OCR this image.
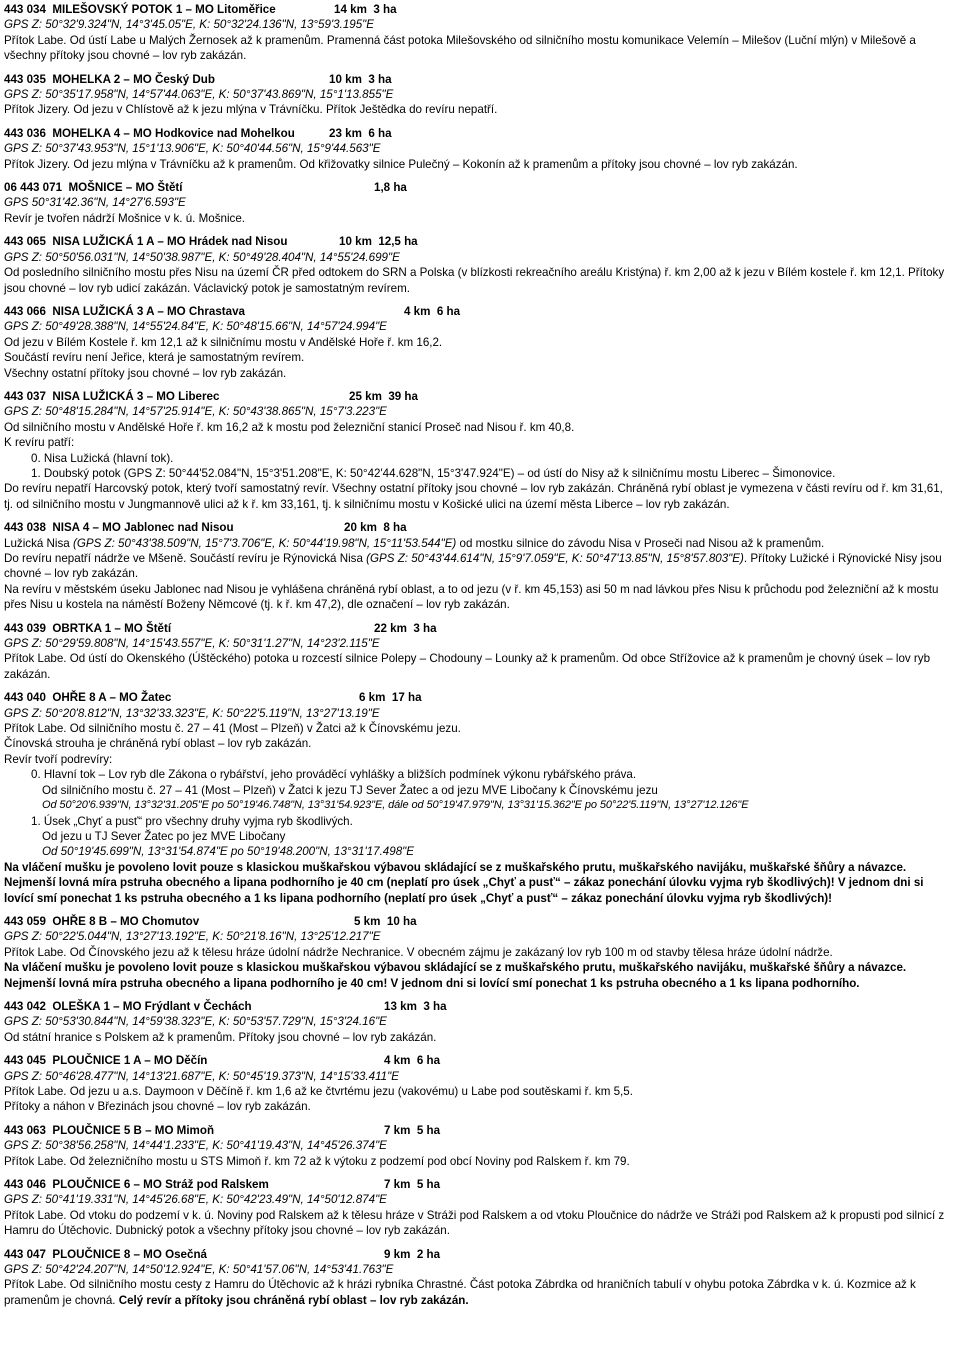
443 034  MILEŠOVSKÝ POTOK 1 – MO Litoměřice	14 km  3 ha

GPS Z: 50°32'9.324"N, 14°3'45.05"E, K: 50°32'24.136"N, 13°59'3.195"E

Přítok Labe. Od ústí Labe u Malých Žernosek až k pramenům. Pramenná část potoka Milešovského od silničního mostu komunikace Velemín – Milešov (Luční mlýn) v Milešově a všechny přítoky jsou chovné – lov ryb zakázán.

443 035  MOHELKA 2 – MO Český Dub	10 km  3 ha

GPS Z: 50°35'17.958"N, 14°57'44.063"E, K: 50°37'43.869"N, 15°1'13.855"E

Přítok Jizery. Od jezu v Chlístově až k jezu mlýna v Trávníčku. Přítok Ještědka do revíru nepatří.

443 036  MOHELKA 4 – MO Hodkovice nad Mohelkou	23 km  6 ha

GPS Z: 50°37'43.953"N, 15°1'13.906"E, K: 50°40'44.56"N, 15°9'44.563"E

Přítok Jizery. Od jezu mlýna v Trávníčku až k pramenům. Od křižovatky silnice Pulečný – Kokonín až k pramenům a přítoky jsou chovné – lov ryb zakázán.

06 443 071  MOŠNICE – MO Štětí	1,8 ha

GPS 50°31'42.36"N, 14°27'6.593"E

Revír je tvořen nádrží Mošnice v k. ú. Mošnice.

443 065  NISA LUŽICKÁ 1 A – MO Hrádek nad Nisou	10 km  12,5 ha

GPS Z: 50°50'56.031"N, 14°50'38.987"E, K: 50°49'28.404"N, 14°55'24.699"E

Od posledního silničního mostu přes Nisu na území ČR před odtokem do SRN a Polska (v blízkosti rekreačního areálu Kristýna) ř. km 2,00 až k jezu v Bílém kostele ř. km 12,1. Přítoky jsou chovné – lov ryb udicí zakázán. Václavický potok je samostatným revírem.

443 066  NISA LUŽICKÁ 3 A – MO Chrastava	4 km  6 ha

GPS Z: 50°49'28.388"N, 14°55'24.84"E, K: 50°48'15.66"N, 14°57'24.994"E

Od jezu v Bílém Kostele ř. km 12,1 až k silničnímu mostu v Andělské Hoře ř. km 16,2.

Součástí revíru není Jeřice, která je samostatným revírem.

Všechny ostatní přítoky jsou chovné – lov ryb zakázán.

443 037  NISA LUŽICKÁ 3 – MO Liberec	25 km  39 ha

GPS Z: 50°48'15.284"N, 14°57'25.914"E, K: 50°43'38.865"N, 15°7'3.223"E

Od silničního mostu v Andělské Hoře ř. km 16,2 až k mostu pod železniční stanicí Proseč nad Nisou ř. km 40,8.

K revíru patří:

0. Nisa Lužická (hlavní tok).

1. Doubský potok (GPS Z: 50°44'52.084"N, 15°3'51.208"E, K: 50°42'44.628"N, 15°3'47.924"E) – od ústí do Nisy až k silničnímu mostu Liberec – Šimonovice.

Do revíru nepatří Harcovský potok, který tvoří samostatný revír. Všechny ostatní přítoky jsou chovné – lov ryb zakázán. Chráněná rybí oblast je vymezena v části revíru od ř. km 31,61, tj. od silničního mostu v Jungmannově ulici až k ř. km 33,161, tj. k silničnímu mostu v Košické ulici na území města Liberce – lov ryb zakázán.

443 038  NISA 4 – MO Jablonec nad Nisou	20 km  8 ha

Lužická Nisa (GPS Z: 50°43'38.509"N, 15°7'3.706"E, K: 50°44'19.98"N, 15°11'53.544"E) od mostku silnice do závodu Nisa v Proseči nad Nisou až k pramenům.

Do revíru nepatří nádrže ve Mšeně. Součástí revíru je Rýnovická Nisa (GPS Z: 50°43'44.614"N, 15°9'7.059"E, K: 50°47'13.85"N, 15°8'57.803"E). Přítoky Lužické i Rýnovické Nisy jsou chovné – lov ryb zakázán.

Na revíru v městském úseku Jablonec nad Nisou je vyhlášena chráněná rybí oblast, a to od jezu (v ř. km 45,153) asi 50 m nad lávkou přes Nisu k průchodu pod železniční až k mostu přes Nisu u kostela na náměstí Boženy Němcové (tj. k ř. km 47,2), dle označení – lov ryb zakázán.

443 039  OBRTKA 1 – MO Štětí	22 km  3 ha

GPS Z: 50°29'59.808"N, 14°15'43.557"E, K: 50°31'1.27"N, 14°23'2.115"E

Přítok Labe. Od ústí do Okenského (Úštěckého) potoka u rozcestí silnice Polepy – Chodouny – Lounky až k pramenům. Od obce Střížovice až k pramenům je chovný úsek – lov ryb zakázán.

443 040  OHŘE 8 A – MO Žatec	6 km  17 ha

GPS Z: 50°20'8.812"N, 13°32'33.323"E, K: 50°22'5.119"N, 13°27'13.19"E

Přítok Labe. Od silničního mostu č. 27 – 41 (Most – Plzeň) v Žatci až k Čínovskému jezu.

Čínovská strouha je chráněná rybí oblast – lov ryb zakázán.

Revír tvoří podrevíry:

0. Hlavní tok – Lov ryb dle Zákona o rybářství, jeho prováděcí vyhlášky a bližších podmínek výkonu rybářského práva.

Od silničního mostu č. 27 – 41 (Most – Plzeň) v Žatci k jezu TJ Sever Žatec a od jezu MVE Libočany k Čínovskému jezu

Od 50°20'6.939"N, 13°32'31.205"E po 50°19'46.748"N, 13°31'54.923"E, dále od 50°19'47.979"N, 13°31'15.362"E po 50°22'5.119"N, 13°27'12.126"E

1. Úsek „Chyť a pusť“ pro všechny druhy vyjma ryb škodlivých.

Od jezu u TJ Sever Žatec po jez MVE Libočany

Od 50°19'45.699"N, 13°31'54.874"E po 50°19'48.200"N, 13°31'17.498"E

Na vláčení mušku je povoleno lovit pouze s klasickou muškařskou výbavou skládající se z muškařského prutu, muškařského navijáku, muškařské šňůry a návazce. Nejmenší lovná míra pstruha obecného a lipana podhorního je 40 cm (neplatí pro úsek „Chyť a pusť“ – zákaz ponechání úlovku vyjma ryb škodlivých)! V jednom dni si lovící smí ponechat 1 ks pstruha obecného a 1 ks lipana podhorního (neplatí pro úsek „Chyť a pusť“ – zákaz ponechání úlovku vyjma ryb škodlivých)!

443 059  OHŘE 8 B – MO Chomutov	5 km  10 ha

GPS Z: 50°22'5.044"N, 13°27'13.192"E, K: 50°21'8.16"N, 13°25'12.217"E

Přítok Labe. Od Čínovského jezu až k tělesu hráze údolní nádrže Nechranice. V obecném zájmu je zakázaný lov ryb 100 m od stavby tělesa hráze údolní nádrže.

Na vláčení mušku je povoleno lovit pouze s klasickou muškařskou výbavou skládající se z muškařského prutu, muškařského navijáku, muškařské šňůry a návazce. Nejmenší lovná míra pstruha obecného a lipana podhorního je 40 cm! V jednom dni si lovící smí ponechat 1 ks pstruha obecného a 1 ks lipana podhorního.

443 042  OLEŠKA 1 – MO Frýdlant v Čechách	13 km  3 ha

GPS Z: 50°53'30.844"N, 14°59'38.323"E, K: 50°53'57.729"N, 15°3'24.16"E

Od státní hranice s Polskem až k pramenům. Přítoky jsou chovné – lov ryb zakázán.

443 045  PLOUČNICE 1 A – MO Děčín	4 km  6 ha

GPS Z: 50°46'28.477"N, 14°13'21.687"E, K: 50°45'19.373"N, 14°15'33.411"E

Přítok Labe. Od jezu u a.s. Daymoon v Děčíně ř. km 1,6 až ke čtvrtému jezu (vakovému) u Labe pod soutěskami ř. km 5,5.

Přítoky a náhon v Březinách jsou chovné – lov ryb zakázán.

443 063  PLOUČNICE 5 B – MO Mimoň	7 km  5 ha

GPS Z: 50°38'56.258"N, 14°44'1.233"E, K: 50°41'19.43"N, 14°45'26.374"E

Přítok Labe. Od železničního mostu u STS Mimoň ř. km 72 až k výtoku z podzemí pod obcí Noviny pod Ralskem ř. km 79.

443 046  PLOUČNICE 6 – MO Stráž pod Ralskem	7 km  5 ha

GPS Z: 50°41'19.331"N, 14°45'26.68"E, K: 50°42'23.49"N, 14°50'12.874"E

Přítok Labe. Od vtoku do podzemí v k. ú. Noviny pod Ralskem až k tělesu hráze v Stráži pod Ralskem a od vtoku Ploučnice do nádrže ve Stráži pod Ralskem až k propusti pod silnicí z Hamru do Útěchovic. Dubnický potok a všechny přítoky jsou chovné – lov ryb zakázán.

443 047  PLOUČNICE 8 – MO Osečná	9 km  2 ha

GPS Z: 50°42'24.207"N, 14°50'12.924"E, K: 50°41'57.06"N, 14°53'41.763"E

Přítok Labe. Od silničního mostu cesty z Hamru do Útěchovic až k hrázi rybníka Chrastné. Část potoka Zábrdka od hraničních tabulí v ohybu potoka Zábrdka v k. ú. Kozmice až k pramenům je chovná. Celý revír a přítoky jsou chráněná rybí oblast – lov ryb zakázán.
